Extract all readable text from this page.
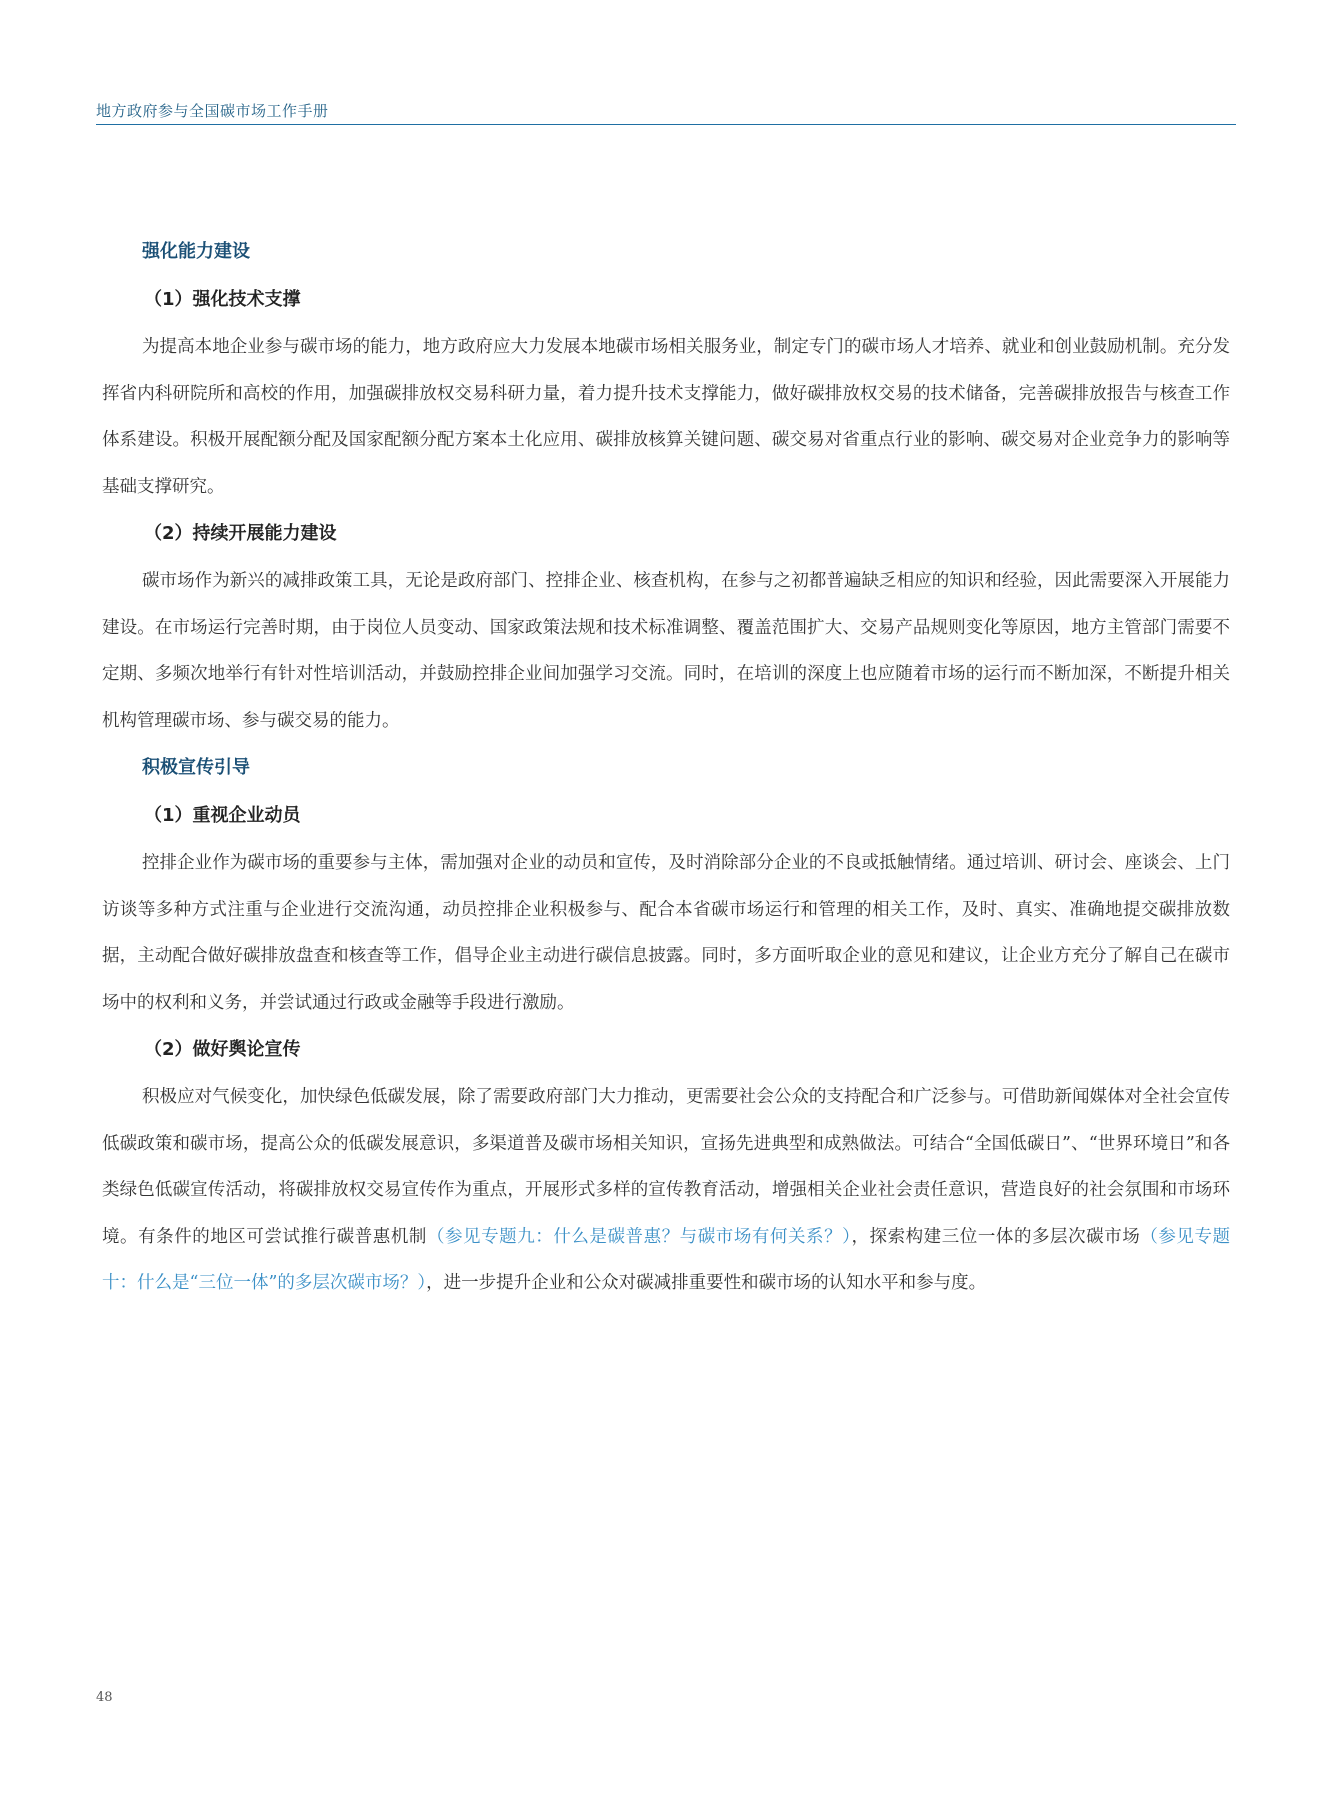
地方政府参与全国碳市场工作手册
强化能力建设
（1）强化技术支撑

为提高本地企业参与碳市场的能力，地方政府应大力发展本地碳市场相关服务业，制定专门的碳市场人才培养、就业和创业鼓励机制。充分发挥省内科研院所和高校的作用，加强碳排放权交易科研力量，着力提升技术支撑能力，做好碳排放权交易的技术储备，完善碳排放报告与核查工作体系建设。积极开展配额分配及国家配额分配方案本土化应用、碳排放核算关键问题、碳交易对省重点行业的影响、碳交易对企业竞争力的影响等基础支撑研究。

（2）持续开展能力建设

碳市场作为新兴的减排政策工具，无论是政府部门、控排企业、核查机构，在参与之初都普遍缺乏相应的知识和经验，因此需要深入开展能力建设。在市场运行完善时期，由于岗位人员变动、国家政策法规和技术标准调整、覆盖范围扩大、交易产品规则变化等原因，地方主管部门需要不定期、多频次地举行有针对性培训活动，并鼓励控排企业间加强学习交流。同时，在培训的深度上也应随着市场的运行而不断加深，不断提升相关机构管理碳市场、参与碳交易的能力。

积极宣传引导
（1）重视企业动员

控排企业作为碳市场的重要参与主体，需加强对企业的动员和宣传，及时消除部分企业的不良或抵触情绪。通过培训、研讨会、座谈会、上门访谈等多种方式注重与企业进行交流沟通，动员控排企业积极参与、配合本省碳市场运行和管理的相关工作，及时、真实、准确地提交碳排放数据，主动配合做好碳排放盘查和核查等工作，倡导企业主动进行碳信息披露。同时，多方面听取企业的意见和建议，让企业方充分了解自己在碳市场中的权利和义务，并尝试通过行政或金融等手段进行激励。

（2）做好舆论宣传

积极应对气候变化，加快绿色低碳发展，除了需要政府部门大力推动，更需要社会公众的支持配合和广泛参与。可借助新闻媒体对全社会宣传低碳政策和碳市场，提高公众的低碳发展意识，多渠道普及碳市场相关知识，宣扬先进典型和成熟做法。可结合“全国低碳日”、“世界环境日”和各类绿色低碳宣传活动，将碳排放权交易宣传作为重点，开展形式多样的宣传教育活动，增强相关企业社会责任意识，营造良好的社会氛围和市场环境。有条件的地区可尝试推行碳普惠机制（参见专题九：什么是碳普惠？与碳市场有何关系？），探索构建三位一体的多层次碳市场（参见专题十：什么是“三位一体”的多层次碳市场？），进一步提升企业和公众对碳减排重要性和碳市场的认知水平和参与度。

48
